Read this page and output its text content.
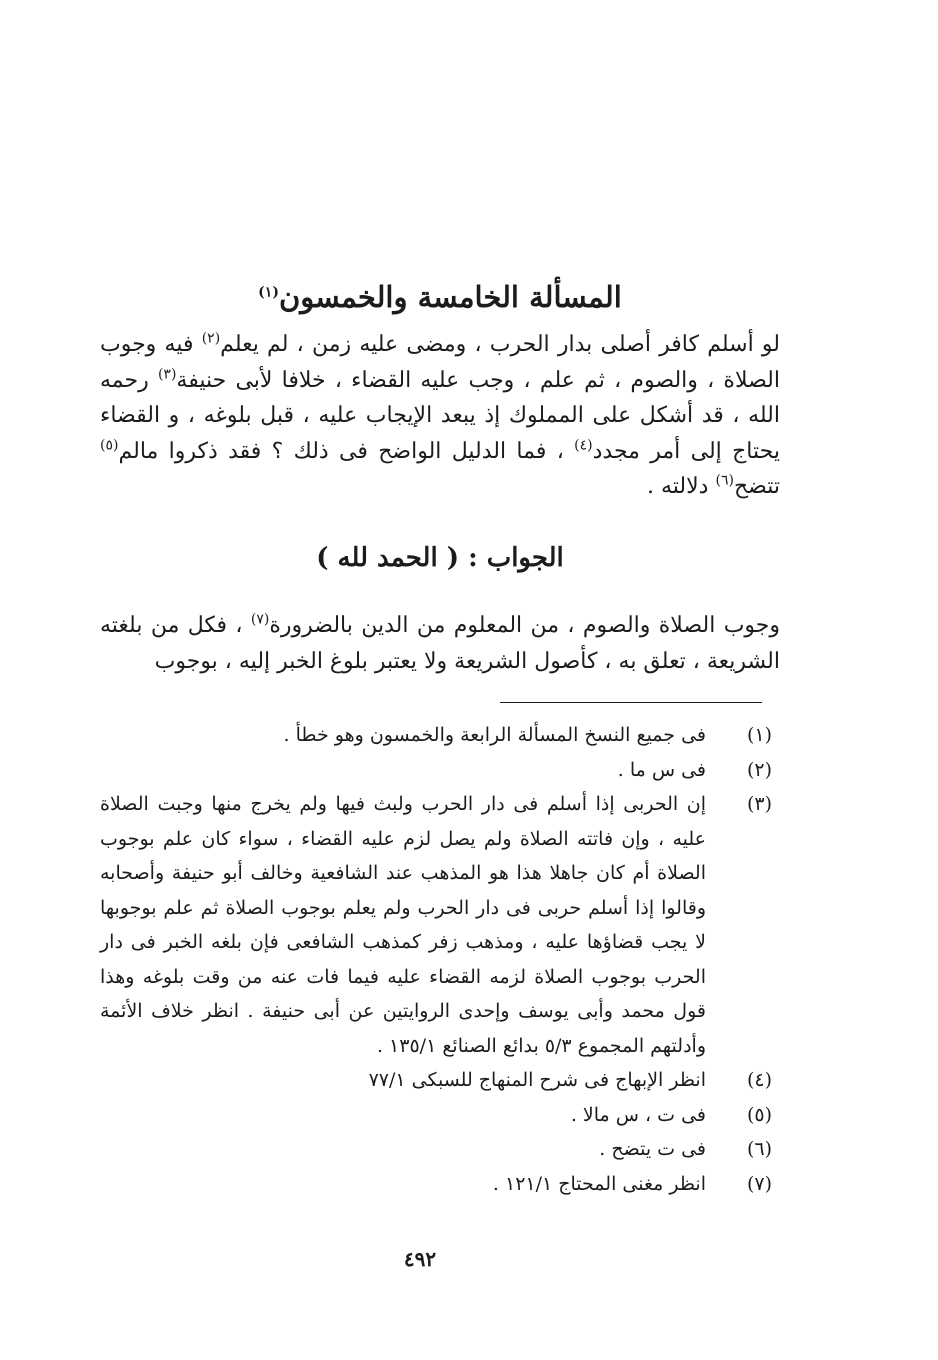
المسألة الخامسة والخمسون$^{(١)}$

لو أسلم كافر أصلى بدار الحرب ، ومضى عليه زمن ، لم يعلم$^{(٢)}$ فيه وجوب الصلاة ، والصوم ، ثم علم ، وجب عليه القضاء ، خلافا لأبى حنيفة$^{(٣)}$ رحمه الله ، قد أشكل على المملوك إذ يبعد الإيجاب عليه ، قبل بلوغه ، و القضاء يحتاج إلى أمر مجدد$^{(٤)}$ ، فما الدليل الواضح فى ذلك ؟ فقد ذكروا مالم$^{(٥)}$ تتضح$^{(٦)}$ دلالته .

الجواب : ( الحمد لله )

وجوب الصلاة والصوم ، من المعلوم من الدين بالضرورة$^{(٧)}$ ، فكل من بلغته الشريعة ، تعلق به ، كأصول الشريعة ولا يعتبر بلوغ الخبر إليه ، بوجوب

(١)
فى جميع النسخ المسألة الرابعة والخمسون وهو خطأ .
(٢)
فى س ما .
(٣)
إن الحربى إذا أسلم فى دار الحرب ولبث فيها ولم يخرج منها وجبت الصلاة عليه ، وإن فاتته الصلاة ولم يصل لزم عليه القضاء ، سواء كان علم بوجوب الصلاة أم كان جاهلا هذا هو المذهب عند الشافعية وخالف أبو حنيفة وأصحابه وقالوا إذا أسلم حربى فى دار الحرب ولم يعلم بوجوب الصلاة ثم علم بوجوبها لا يجب قضاؤها عليه ، ومذهب زفر كمذهب الشافعى فإن بلغه الخبر فى دار الحرب بوجوب الصلاة لزمه القضاء عليه فيما فات عنه من وقت بلوغه وهذا قول محمد وأبى يوسف وإحدى الروايتين عن أبى حنيفة . انظر خلاف الأئمة وأدلتهم المجموع ٥/٣ بدائع الصنائع ١٣٥/١ .
(٤)
انظر الإبهاج فى شرح المنهاج للسبكى ٧٧/١
(٥)
فى ت ، س مالا .
(٦)
فى ت يتضح .
(٧)
انظر مغنى المحتاج ١٢١/١ .
٤٩٢
